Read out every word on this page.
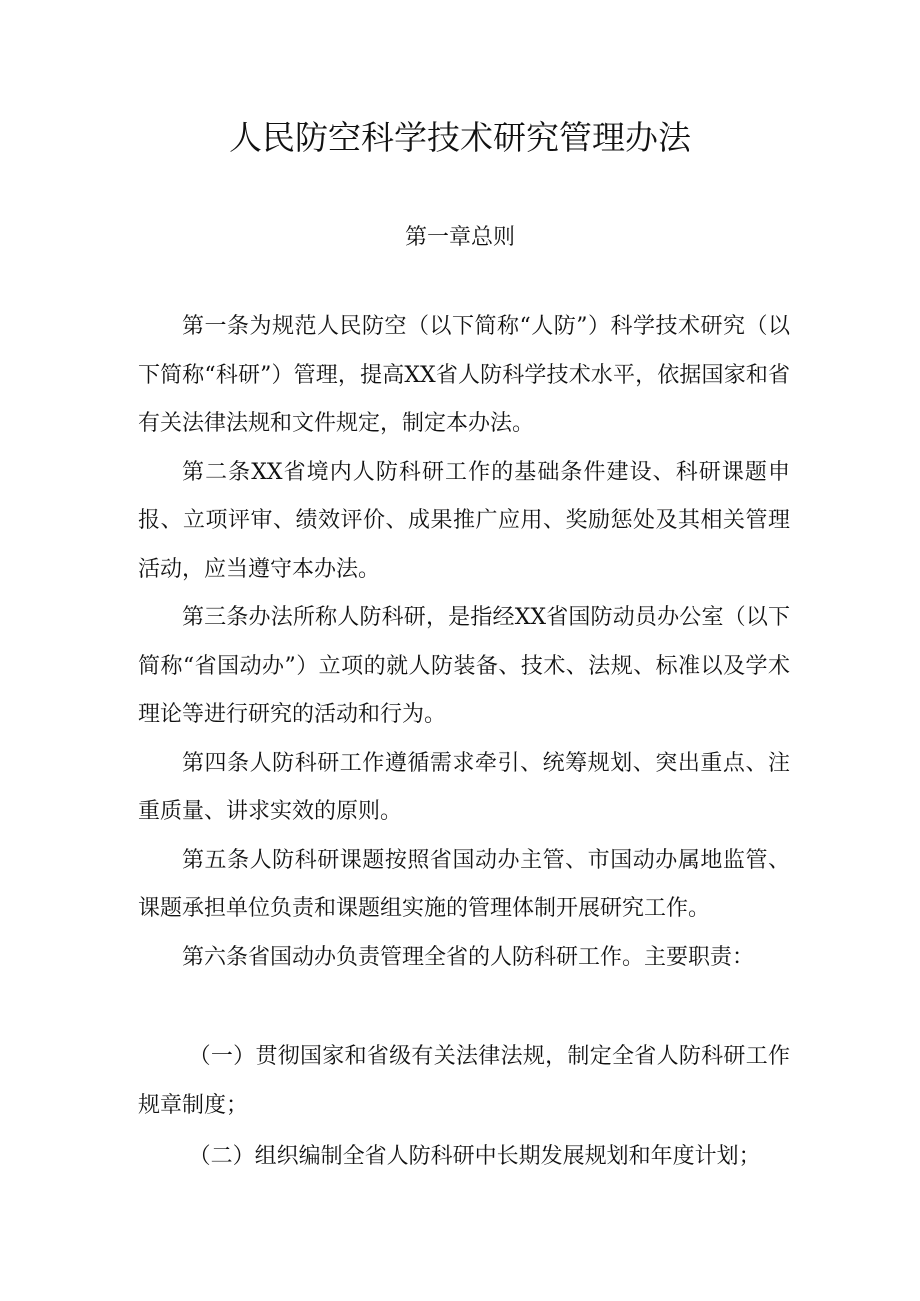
人民防空科学技术研究管理办法
第一章总则

第一条为规范人民防空（以下简称“人防”）科学技术研究（以下简称“科研”）管理，提高XX省人防科学技术水平，依据国家和省有关法律法规和文件规定，制定本办法。

第二条XX省境内人防科研工作的基础条件建设、科研课题申报、立项评审、绩效评价、成果推广应用、奖励惩处及其相关管理活动，应当遵守本办法。

第三条办法所称人防科研，是指经XX省国防动员办公室（以下简称“省国动办”）立项的就人防装备、技术、法规、标准以及学术理论等进行研究的活动和行为。

第四条人防科研工作遵循需求牵引、统筹规划、突出重点、注重质量、讲求实效的原则。

第五条人防科研课题按照省国动办主管、市国动办属地监管、课题承担单位负责和课题组实施的管理体制开展研究工作。

第六条省国动办负责管理全省的人防科研工作。主要职责：

（一）贯彻国家和省级有关法律法规，制定全省人防科研工作规章制度；

（二）组织编制全省人防科研中长期发展规划和年度计划；
